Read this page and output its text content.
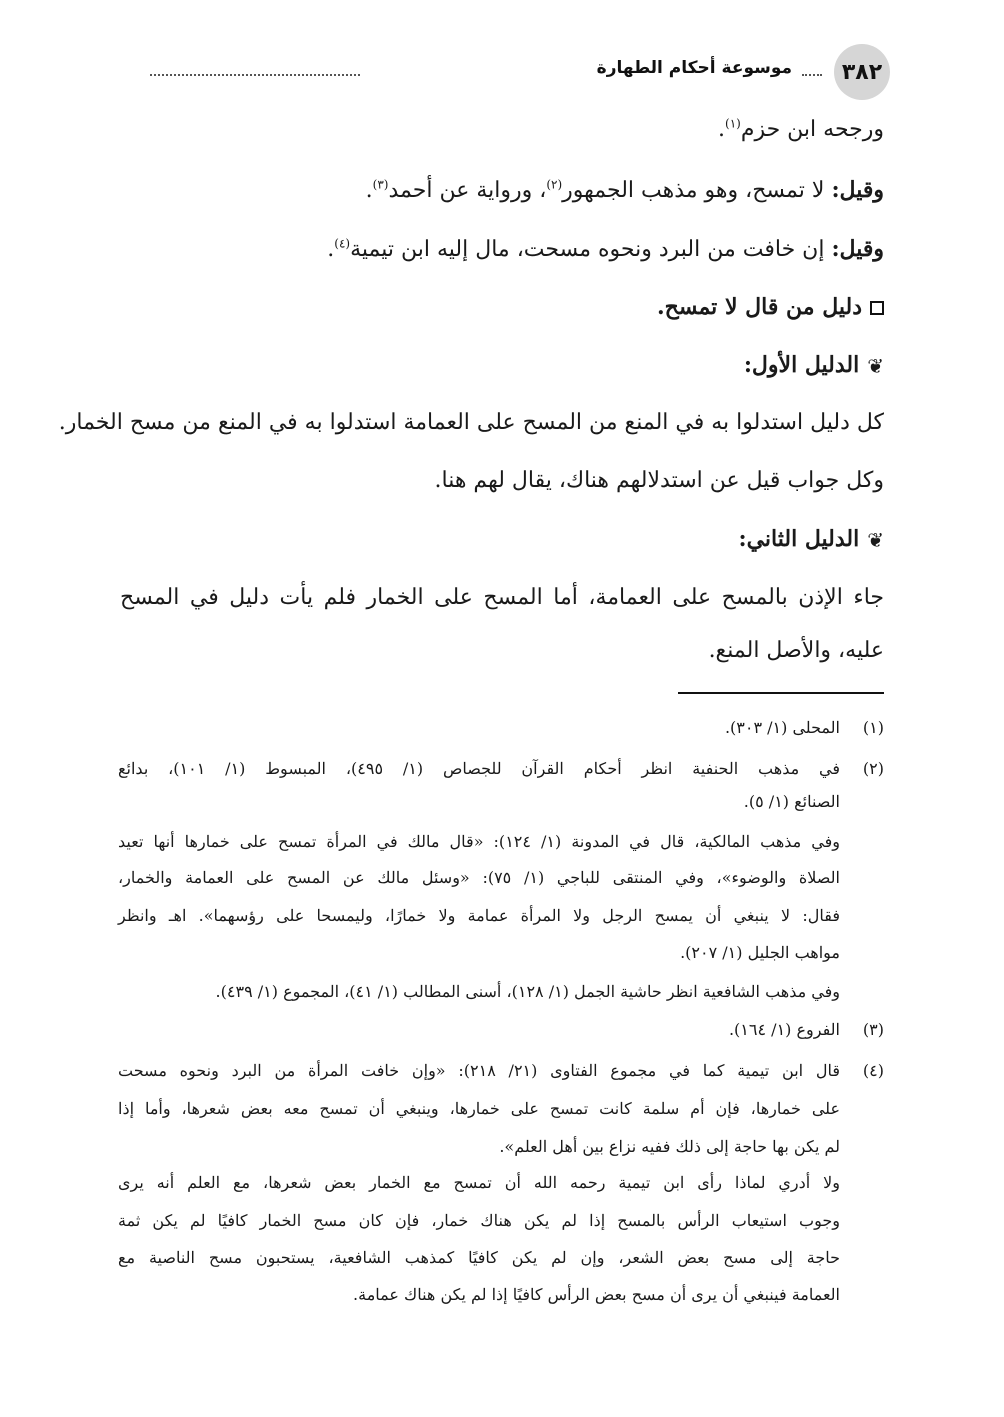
٣٨٢
موسوعة أحكام الطهارة
ورجحه ابن حزم$^{(١)}$.
وقيل: لا تمسح، وهو مذهب الجمهور$^{(٢)}$، ورواية عن أحمد$^{(٣)}$.
وقيل: إن خافت من البرد ونحوه مسحت، مال إليه ابن تيمية$^{(٤)}$.
دليل من قال لا تمسح.
❦الدليل الأول:
كل دليل استدلوا به في المنع من المسح على العمامة استدلوا به في المنع من مسح الخمار.
وكل جواب قيل عن استدلالهم هناك، يقال لهم هنا.
❦الدليل الثاني:
جاء الإذن بالمسح على العمامة، أما المسح على الخمار فلم يأت دليل في المسح
عليه، والأصل المنع.
(١)
المحلى (١/ ٣٠٣).
(٢)
في مذهب الحنفية انظر أحكام القرآن للجصاص (١/ ٤٩٥)، المبسوط (١/ ١٠١)، بدائع
الصنائع (١/ ٥).
وفي مذهب المالكية، قال في المدونة (١/ ١٢٤): «قال مالك في المرأة تمسح على خمارها أنها تعيد
الصلاة والوضوء»، وفي المنتقى للباجي (١/ ٧٥): «وسئل مالك عن المسح على العمامة والخمار،
فقال: لا ينبغي أن يمسح الرجل ولا المرأة عمامة ولا خمارًا، وليمسحا على رؤسهما». اهـ وانظر
مواهب الجليل (١/ ٢٠٧).
وفي مذهب الشافعية انظر حاشية الجمل (١/ ١٢٨)، أسنى المطالب (١/ ٤١)، المجموع (١/ ٤٣٩).
(٣)
الفروع (١/ ١٦٤).
(٤)
قال ابن تيمية كما في مجموع الفتاوى (٢١/ ٢١٨): «وإن خافت المرأة من البرد ونحوه مسحت
على خمارها، فإن أم سلمة كانت تمسح على خمارها، وينبغي أن تمسح معه بعض شعرها، وأما إذا
لم يكن بها حاجة إلى ذلك ففيه نزاع بين أهل العلم».
ولا أدري لماذا رأى ابن تيمية رحمه الله أن تمسح مع الخمار بعض شعرها، مع العلم أنه يرى
وجوب استيعاب الرأس بالمسح إذا لم يكن هناك خمار، فإن كان مسح الخمار كافيًا لم يكن ثمة
حاجة إلى مسح بعض الشعر، وإن لم يكن كافيًا كمذهب الشافعية، يستحبون مسح الناصية مع
العمامة فينبغي أن يرى أن مسح بعض الرأس كافيًا إذا لم يكن هناك عمامة.
